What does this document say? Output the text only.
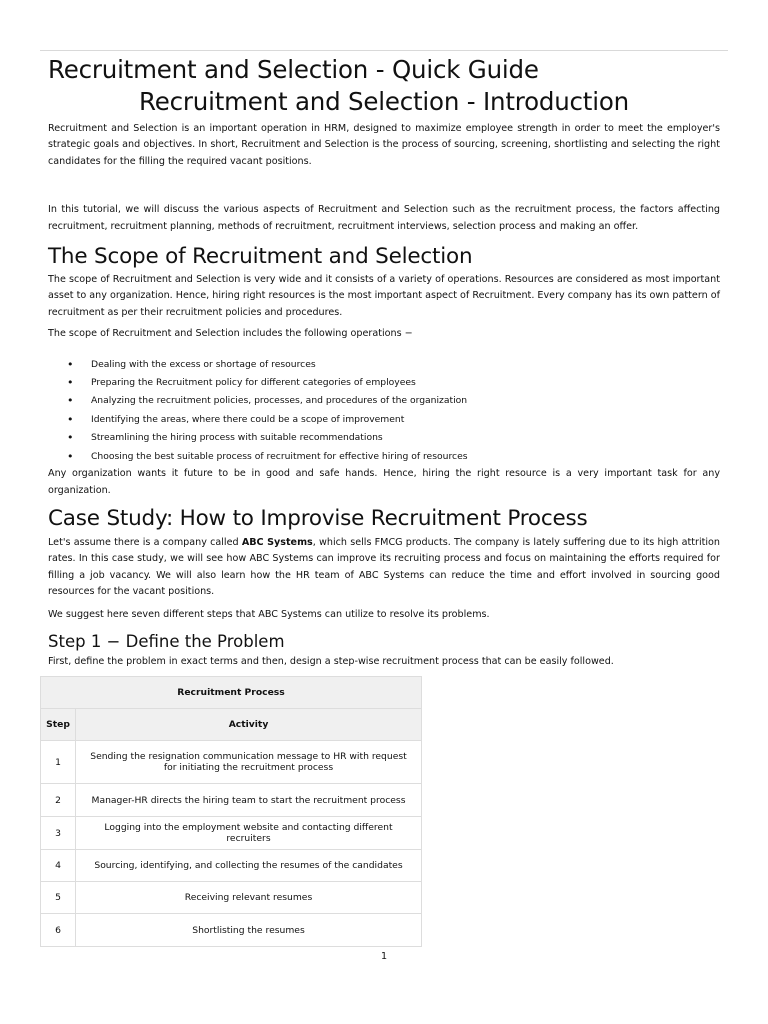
Recruitment and Selection - Quick Guide
Recruitment and Selection - Introduction

Recruitment and Selection is an important operation in HRM, designed to maximize employee strength in order to meet the employer's strategic goals and objectives. In short, Recruitment and Selection is the process of sourcing, screening, shortlisting and selecting the right candidates for the filling the required vacant positions.

In this tutorial, we will discuss the various aspects of Recruitment and Selection such as the recruitment process, the factors affecting recruitment, recruitment planning, methods of recruitment, recruitment interviews, selection process and making an offer.

The Scope of Recruitment and Selection

The scope of Recruitment and Selection is very wide and it consists of a variety of operations. Resources are considered as most important asset to any organization. Hence, hiring right resources is the most important aspect of Recruitment. Every company has its own pattern of recruitment as per their recruitment policies and procedures.

The scope of Recruitment and Selection includes the following operations −

• Dealing with the excess or shortage of resources
• Preparing the Recruitment policy for different categories of employees
• Analyzing the recruitment policies, processes, and procedures of the organization
• Identifying the areas, where there could be a scope of improvement
• Streamlining the hiring process with suitable recommendations
• Choosing the best suitable process of recruitment for effective hiring of resources

Any organization wants it future to be in good and safe hands. Hence, hiring the right resource is a very important task for any organization.

Case Study: How to Improvise Recruitment Process

Let's assume there is a company called ABC Systems, which sells FMCG products. The company is lately suffering due to its high attrition rates. In this case study, we will see how ABC Systems can improve its recruiting process and focus on maintaining the efforts required for filling a job vacancy. We will also learn how the HR team of ABC Systems can reduce the time and effort involved in sourcing good resources for the vacant positions.

We suggest here seven different steps that ABC Systems can utilize to resolve its problems.

Step 1 − Define the Problem

First, define the problem in exact terms and then, design a step-wise recruitment process that can be easily followed.

Recruitment Process	
Step	Activity
1	Sending the resignation communication message to HR with request for initiating the recruitment process
2	Manager-HR directs the hiring team to start the recruitment process
3	Logging into the employment website and contacting different recruiters
4	Sourcing, identifying, and collecting the resumes of the candidates
5	Receiving relevant resumes
6	Shortlisting the resumes
1
